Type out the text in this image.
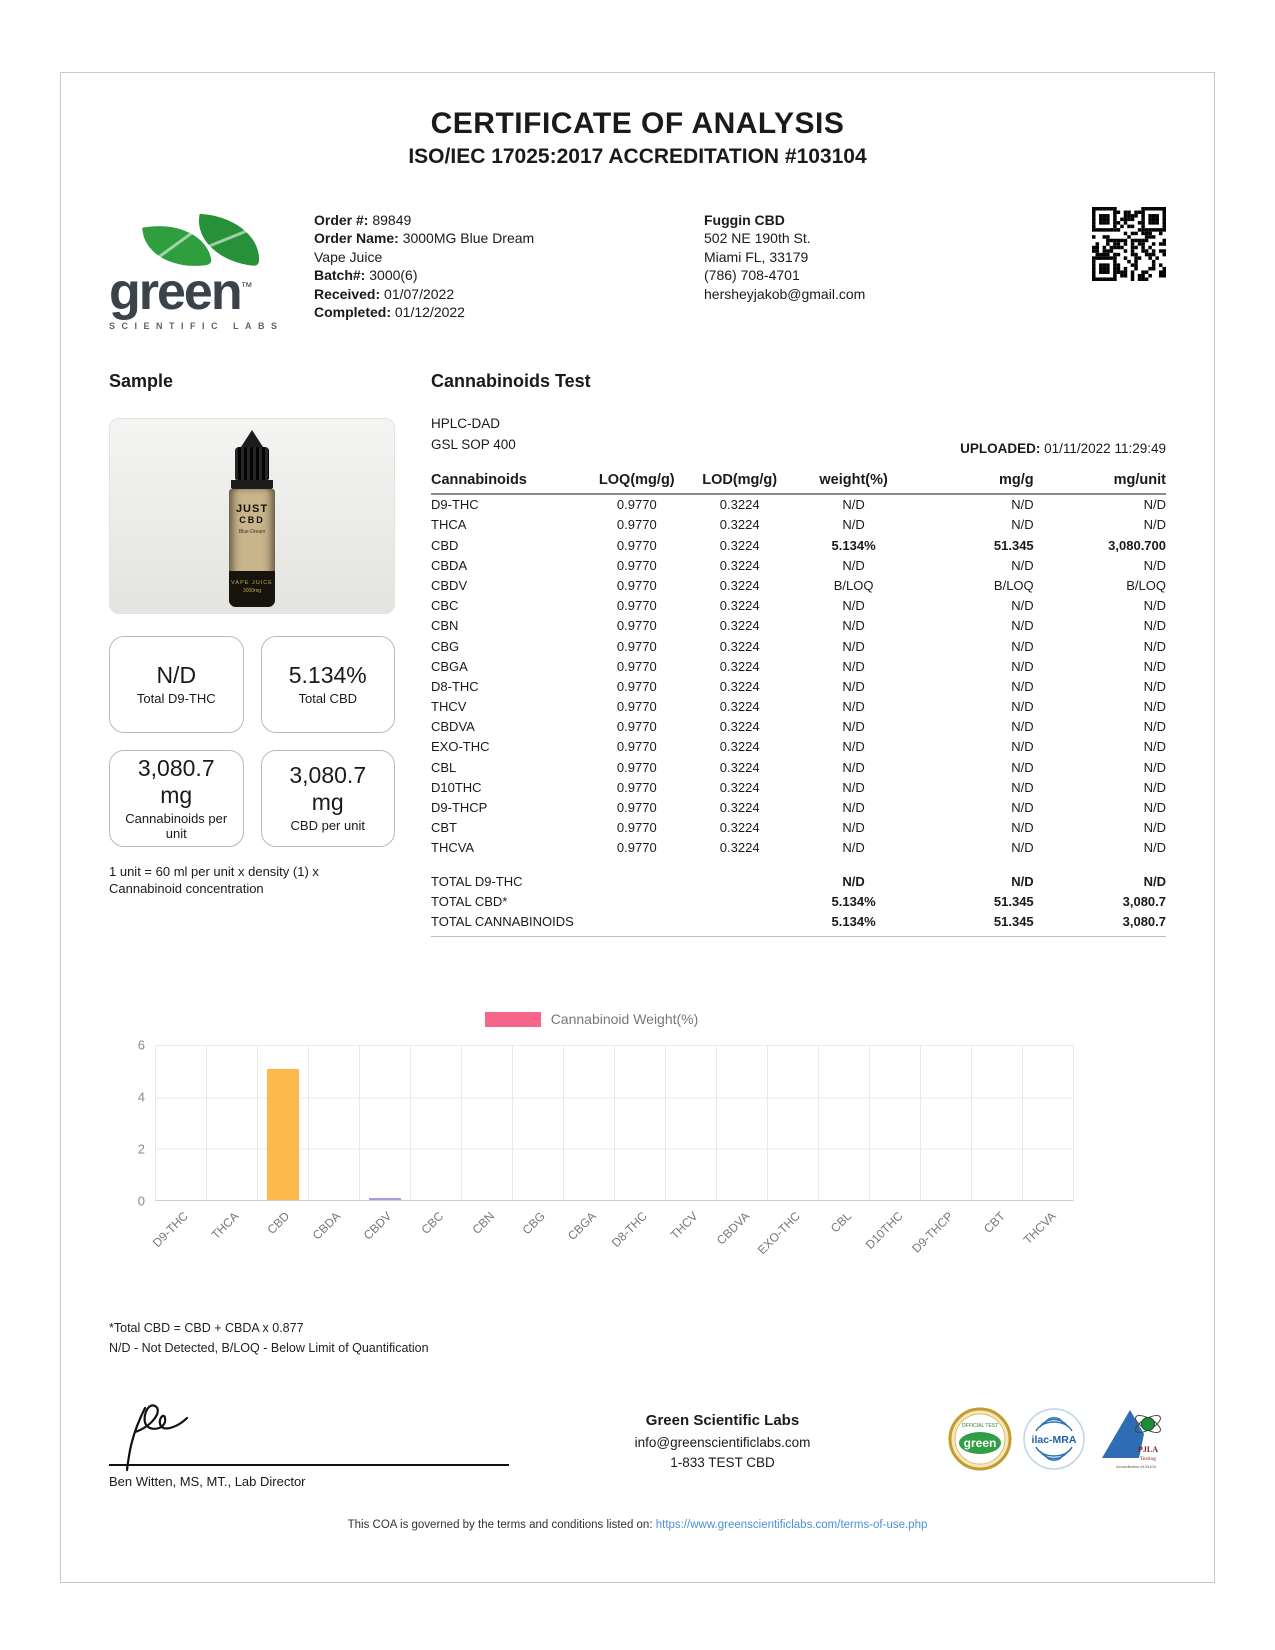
CERTIFICATE OF ANALYSIS
ISO/IEC 17025:2017 ACCREDITATION #103104
green™
SCIENTIFIC LABS
Order #: 89849
Order Name: 3000MG Blue Dream Vape Juice
Batch#: 3000(6)
Received: 01/07/2022
Completed: 01/12/2022
Fuggin CBD
502 NE 190th St.
Miami FL, 33179
(786) 708-4701
hersheyjakob@gmail.com
Sample
JUST
CBD
Blue Dream
VAPE JUICE
3000mg
N/D
Total D9-THC
5.134%
Total CBD
3,080.7 mg
Cannabinoids per unit
3,080.7 mg
CBD per unit

1 unit = 60 ml per unit x density (1) x Cannabinoid concentration

Cannabinoids Test
HPLC-DAD
GSL SOP 400	UPLOADED: 01/11/2022 11:29:49
Cannabinoids	LOQ(mg/g)	LOD(mg/g)	weight(%)	mg/g	mg/unit
D9-THC	0.9770	0.3224	N/D	N/D	N/D
THCA	0.9770	0.3224	N/D	N/D	N/D
CBD	0.9770	0.3224	5.134%	51.345	3,080.700
CBDA	0.9770	0.3224	N/D	N/D	N/D
CBDV	0.9770	0.3224	B/LOQ	B/LOQ	B/LOQ
CBC	0.9770	0.3224	N/D	N/D	N/D
CBN	0.9770	0.3224	N/D	N/D	N/D
CBG	0.9770	0.3224	N/D	N/D	N/D
CBGA	0.9770	0.3224	N/D	N/D	N/D
D8-THC	0.9770	0.3224	N/D	N/D	N/D
THCV	0.9770	0.3224	N/D	N/D	N/D
CBDVA	0.9770	0.3224	N/D	N/D	N/D
EXO-THC	0.9770	0.3224	N/D	N/D	N/D
CBL	0.9770	0.3224	N/D	N/D	N/D
D10THC	0.9770	0.3224	N/D	N/D	N/D
D9-THCP	0.9770	0.3224	N/D	N/D	N/D
CBT	0.9770	0.3224	N/D	N/D	N/D
THCVA	0.9770	0.3224	N/D	N/D	N/D
TOTAL D9-THC			N/D	N/D	N/D
TOTAL CBD*			5.134%	51.345	3,080.7
TOTAL CANNABINOIDS			5.134%	51.345	3,080.7
Cannabinoid Weight(%)
0
2
4
6
D9-THC THCA CBD CBDA CBDV CBC CBN CBG CBGA D8-THC THCV CBDVA EXO-THC CBL D10THC D9-THCP CBT THCVA
*Total CBD = CBD + CBDA x 0.877
N/D - Not Detected, B/LOQ - Below Limit of Quantification
Ben Witten, MS, MT., Lab Director
Green Scientific Labs
info@greenscientificlabs.com
1-833 TEST CBD
OFFICIAL TEST
green	ilac-MRA
PJLA
Testing
Accreditation #103104
This COA is governed by the terms and conditions listed on: https://www.greenscientificlabs.com/terms-of-use.php
